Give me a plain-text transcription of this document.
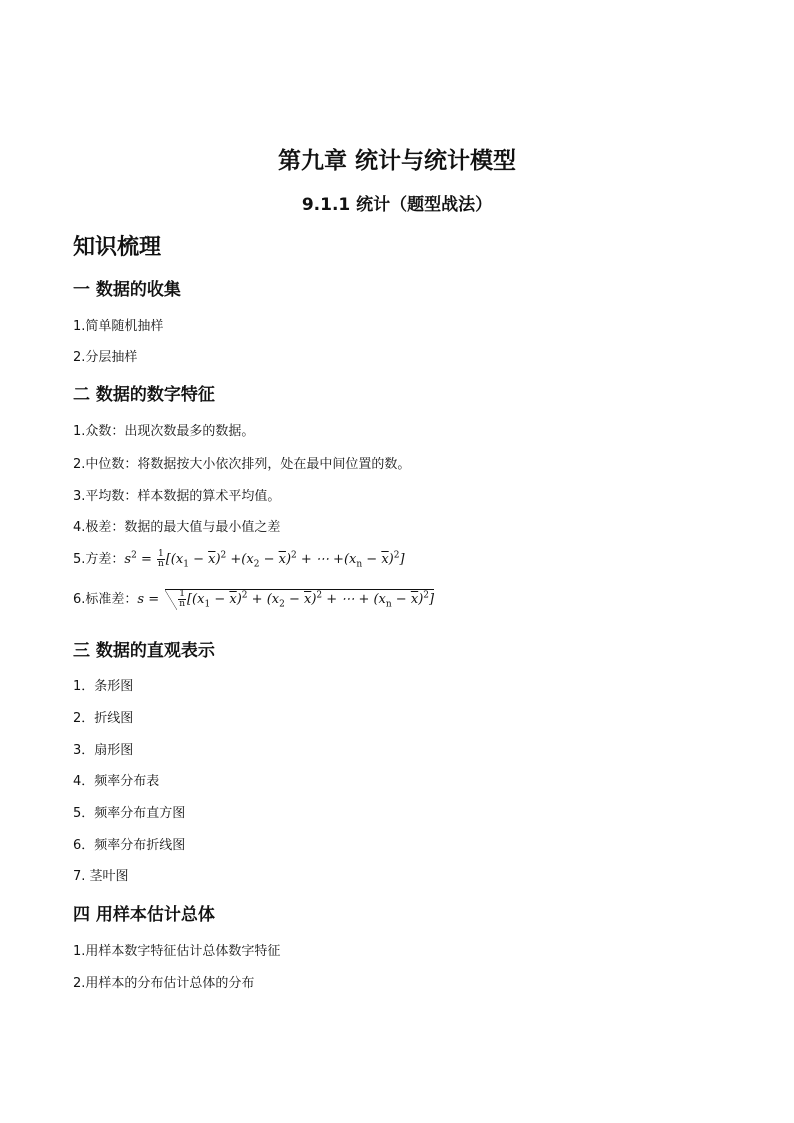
第九章 统计与统计模型
9.1.1 统计（题型战法）
知识梳理
一 数据的收集
1.简单随机抽样
2.分层抽样
二 数据的数字特征
1.众数：出现次数最多的数据。
2.中位数：将数据按大小依次排列，处在最中间位置的数。
3.平均数：样本数据的算术平均值。
4.极差：数据的最大值与最小值之差
5.方差：$s^2 = \frac{1}{n} [(x_1 - \overline{x})^2 +(x_2 - \overline{x})^2$ + ⋯ $+(x_n - \overline{x})^2$]
6.标准差：$s = \frac{1}{n} [(x_1 - \overline{x})^2 + (x_2 - \overline{x})^2$ + ⋯ + $(x_n - \overline{x})^2$]
三 数据的直观表示
1．条形图
2．折线图
3．扇形图
4．频率分布表
5．频率分布直方图
6．频率分布折线图
7. 茎叶图
四 用样本估计总体
1.用样本数字特征估计总体数字特征
2.用样本的分布估计总体的分布
